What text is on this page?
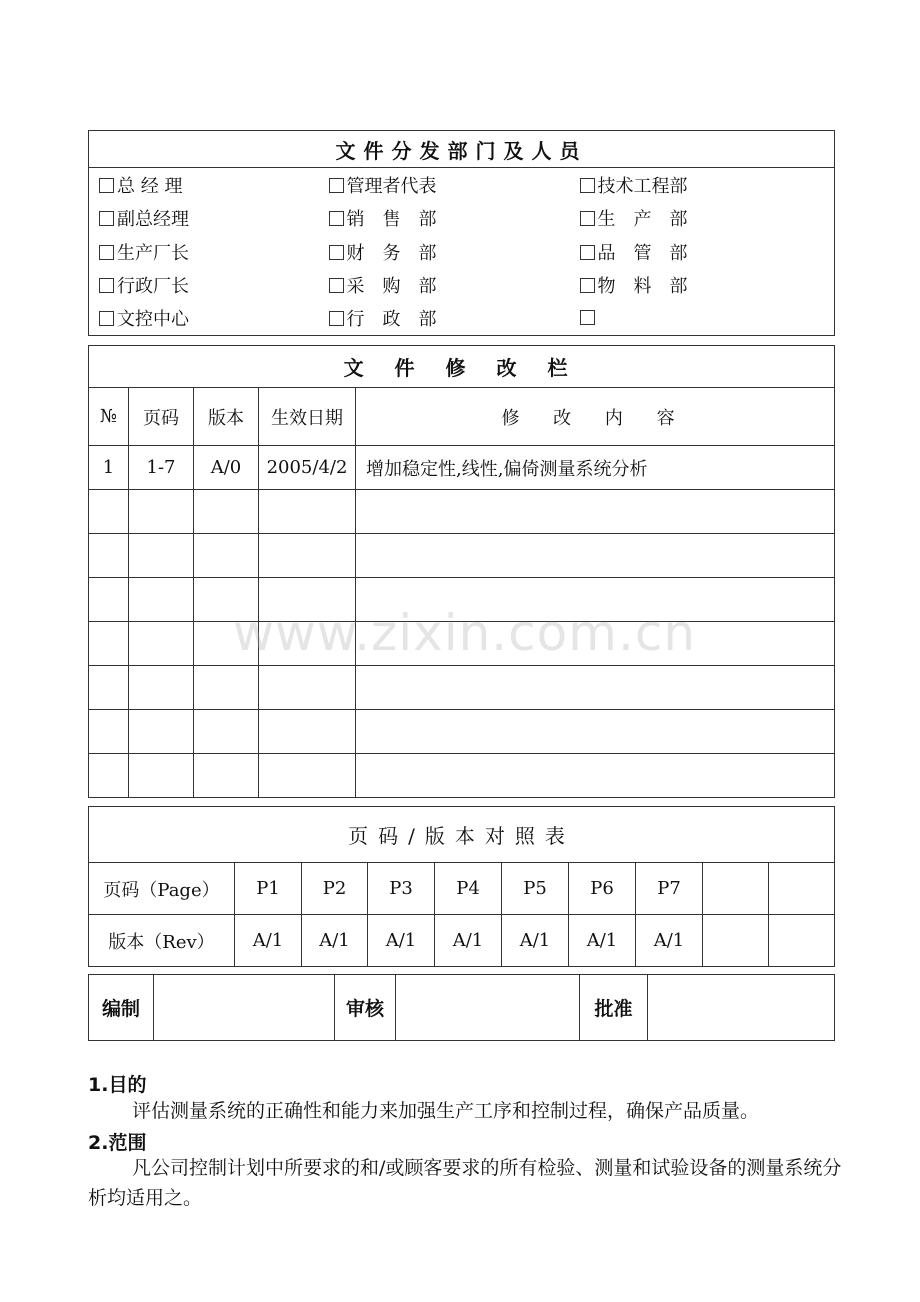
文件分发部门及人员		
总 经 理	管理者代表	技术工程部
副总经理	销　售　部	生　产　部
生产厂长	财　务　部	品　管　部
行政厂长	采　购　部	物　料　部
文控中心	行　政　部	
文 件 修 改 栏				
№	页码	版本	生效日期	修 改 内 容
1	1-7	A/0	2005/4/2	增加稳定性,线性,偏倚测量系统分析

www.zixin.com.cn
页码/版本对照表									
页码（Page）	P1	P2	P3	P4	P5	P6	P7		
版本（Rev）	A/1	A/1	A/1	A/1	A/1	A/1	A/1		
编制		审核		批准	
1.目的
评估测量系统的正确性和能力来加强生产工序和控制过程，确保产品质量。
2.范围
凡公司控制计划中所要求的和/或顾客要求的所有检验、测量和试验设备的测量系统分析均适用之。
